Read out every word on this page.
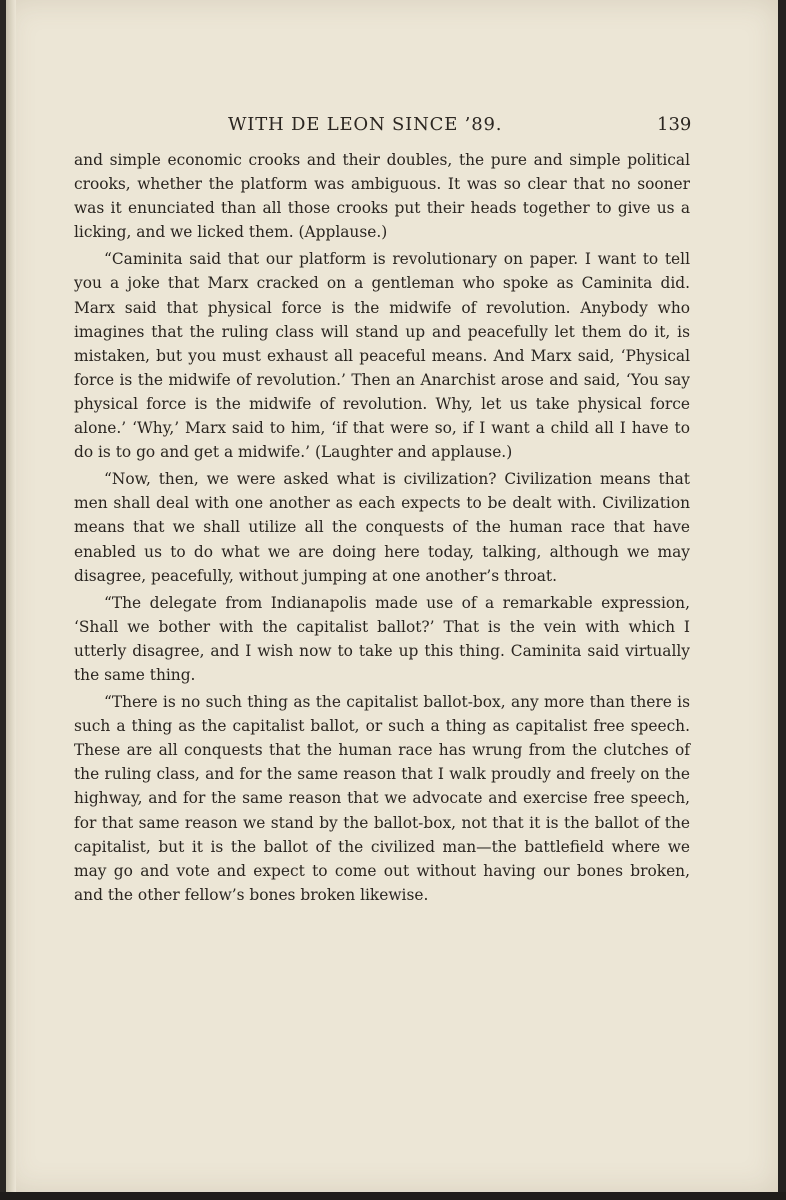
WITH DE LEON SINCE ’89.	139

and simple economic crooks and their doubles, the pure and simple political crooks, whether the platform was ambiguous. It was so clear that no sooner was it enunciated than all those crooks put their heads together to give us a licking, and we licked them. (Applause.)

“Caminita said that our platform is revolutionary on paper. I want to tell you a joke that Marx cracked on a gentleman who spoke as Caminita did. Marx said that physical force is the midwife of revolution. Anybody who imagines that the ruling class will stand up and peacefully let them do it, is mistaken, but you must exhaust all peaceful means. And Marx said, ‘Physical force is the midwife of revolution.’ Then an Anarchist arose and said, ‘You say physical force is the midwife of revolution. Why, let us take physical force alone.’ ‘Why,’ Marx said to him, ‘if that were so, if I want a child all I have to do is to go and get a midwife.’ (Laughter and applause.)

“Now, then, we were asked what is civilization? Civilization means that men shall deal with one another as each expects to be dealt with. Civilization means that we shall utilize all the conquests of the human race that have enabled us to do what we are doing here today, talking, although we may disagree, peacefully, without jumping at one another’s throat.

“The delegate from Indianapolis made use of a remarkable expression, ‘Shall we bother with the capitalist ballot?’ That is the vein with which I utterly disagree, and I wish now to take up this thing. Caminita said virtually the same thing.

“There is no such thing as the capitalist ballot-box, any more than there is such a thing as the capitalist ballot, or such a thing as capitalist free speech. These are all conquests that the human race has wrung from the clutches of the ruling class, and for the same reason that I walk proudly and freely on the highway, and for the same reason that we advocate and exercise free speech, for that same reason we stand by the ballot-box, not that it is the ballot of the capitalist, but it is the ballot of the civilized man—the battlefield where we may go and vote and expect to come out without having our bones broken, and the other fellow’s bones broken likewise.
